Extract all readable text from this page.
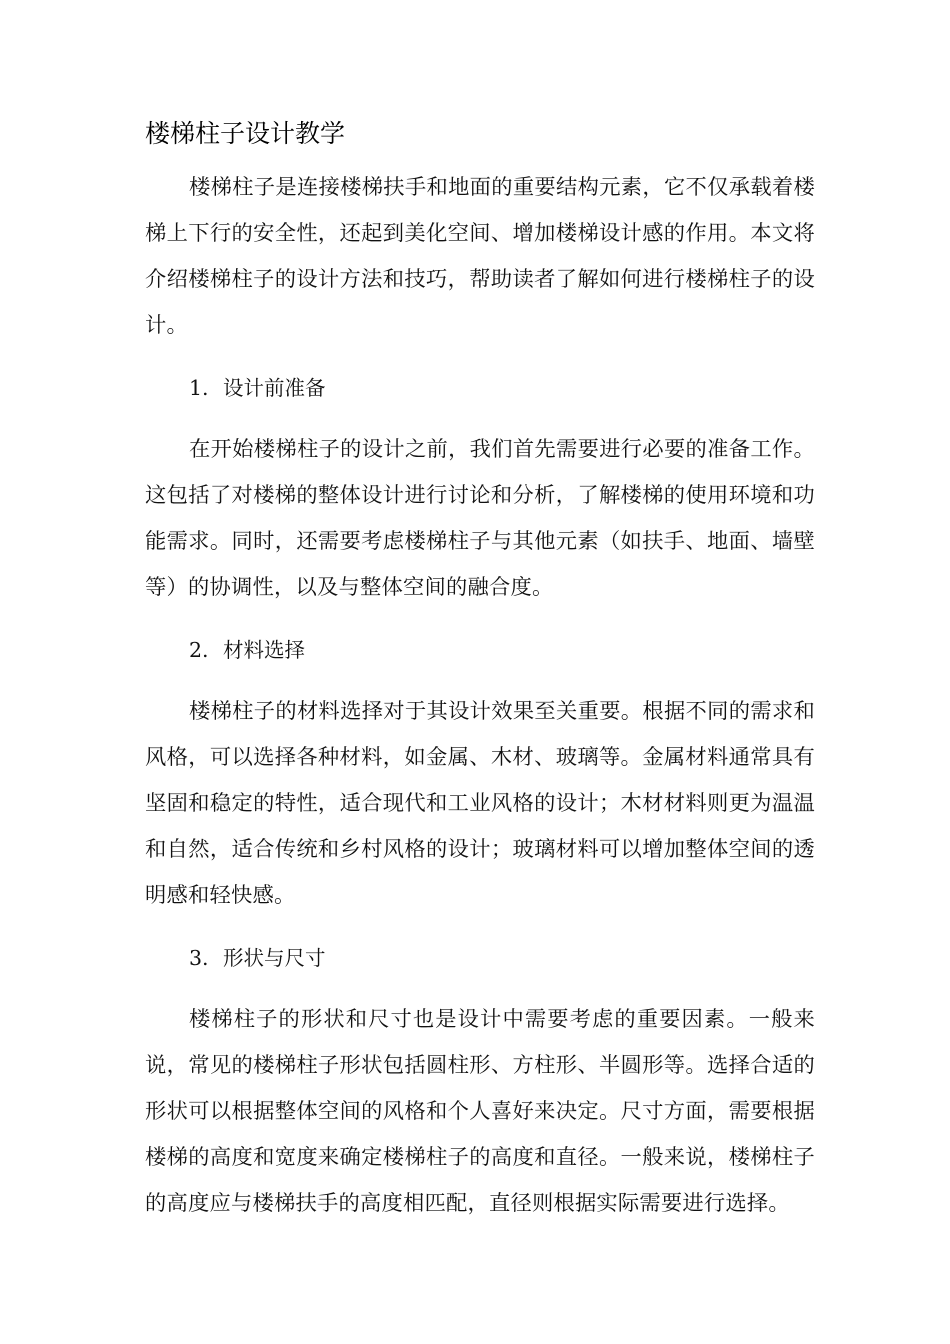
楼梯柱子设计教学

楼梯柱子是连接楼梯扶手和地面的重要结构元素，它不仅承载着楼梯上下行的安全性，还起到美化空间、增加楼梯设计感的作用。本文将介绍楼梯柱子的设计方法和技巧，帮助读者了解如何进行楼梯柱子的设计。

1. 设计前准备

在开始楼梯柱子的设计之前，我们首先需要进行必要的准备工作。这包括了对楼梯的整体设计进行讨论和分析，了解楼梯的使用环境和功能需求。同时，还需要考虑楼梯柱子与其他元素（如扶手、地面、墙壁等）的协调性，以及与整体空间的融合度。

2. 材料选择

楼梯柱子的材料选择对于其设计效果至关重要。根据不同的需求和风格，可以选择各种材料，如金属、木材、玻璃等。金属材料通常具有坚固和稳定的特性，适合现代和工业风格的设计；木材材料则更为温温和自然，适合传统和乡村风格的设计；玻璃材料可以增加整体空间的透明感和轻快感。

3. 形状与尺寸

楼梯柱子的形状和尺寸也是设计中需要考虑的重要因素。一般来说，常见的楼梯柱子形状包括圆柱形、方柱形、半圆形等。选择合适的形状可以根据整体空间的风格和个人喜好来决定。尺寸方面，需要根据楼梯的高度和宽度来确定楼梯柱子的高度和直径。一般来说，楼梯柱子的高度应与楼梯扶手的高度相匹配，直径则根据实际需要进行选择。
